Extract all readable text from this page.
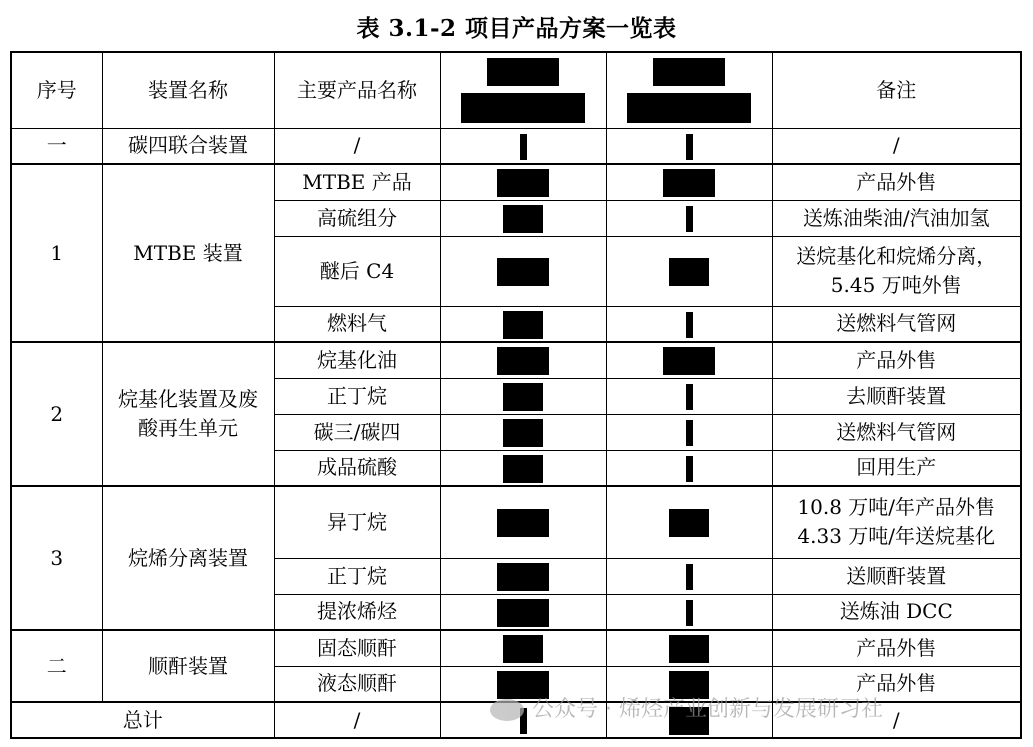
表 3.1-2 项目产品方案一览表
序号	装置名称	主要产品名称			备注
一	碳四联合装置	/			/
1	MTBE 装置	MTBE 产品			产品外售
		高硫组分			送炼油柴油/汽油加氢
		醚后 C4			送烷基化和烷烯分离，5.45 万吨外售
		燃料气			送燃料气管网
2	烷基化装置及废酸再生单元	烷基化油			产品外售
		正丁烷			去顺酐装置
		碳三/碳四			送燃料气管网
		成品硫酸			回用生产
3	烷烯分离装置	异丁烷			10.8 万吨/年产品外售
4.33 万吨/年送烷基化

		正丁烷			送顺酐装置
		提浓烯烃			送炼油 DCC
二	顺酐装置	固态顺酐			产品外售
		液态顺酐			产品外售
总计		/			/
公众号 · 烯烃产业创新与发展研习社
